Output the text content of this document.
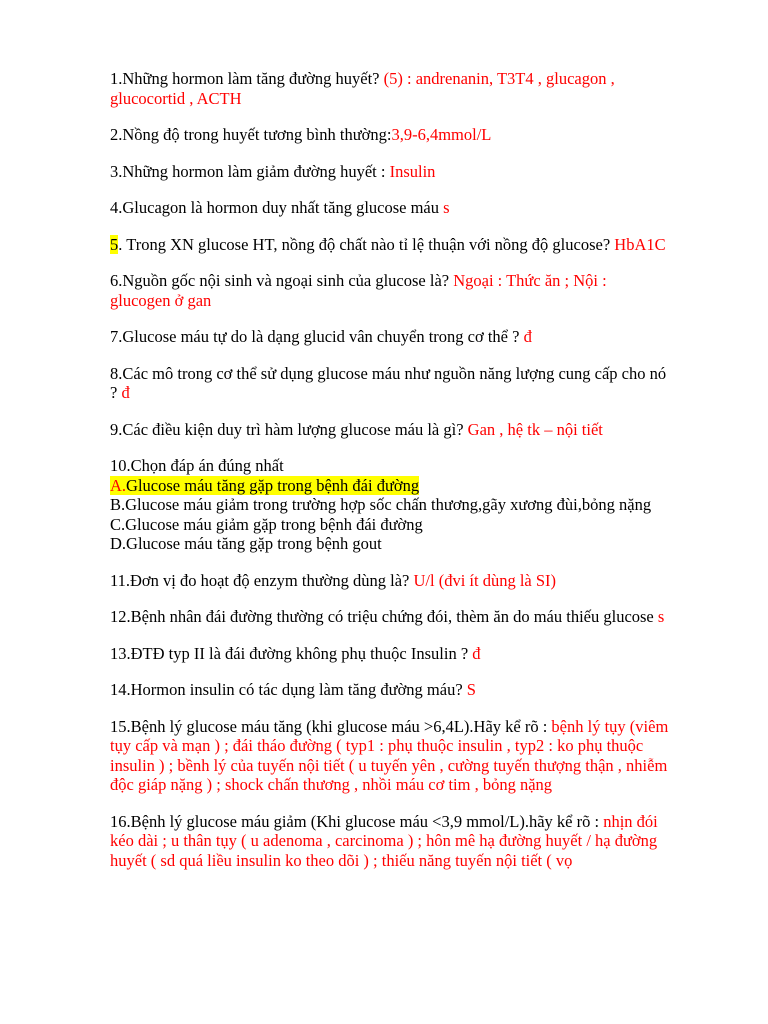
1.Những hormon làm tăng đường huyết? (5) : andrenanin, T3T4 , glucagon , glucocortid , ACTH

2.Nồng độ trong huyết tương bình thường:3,9-6,4mmol/L

3.Những hormon làm giảm đường huyết : Insulin

4.Glucagon là hormon duy nhất tăng glucose máu s

5. Trong XN glucose HT, nồng độ chất nào tỉ lệ thuận với nồng độ glucose? HbA1C

6.Nguồn gốc nội sinh và ngoại sinh của glucose là? Ngoại : Thức ăn ; Nội : glucogen ở gan

7.Glucose máu tự do là dạng glucid vân chuyển trong cơ thể ? đ

8.Các mô trong cơ thể sử dụng glucose máu như nguồn năng lượng cung cấp cho nó ? đ

9.Các điều kiện duy trì hàm lượng glucose máu là gì? Gan , hệ tk – nội tiết

10.Chọn đáp án đúng nhất
A.Glucose máu tăng gặp trong bệnh đái đường
B.Glucose máu giảm trong trường hợp sốc chấn thương,gãy xương đùi,bỏng nặng
C.Glucose máu giảm gặp trong bệnh đái đường
D.Glucose máu tăng gặp trong bệnh gout

11.Đơn vị đo hoạt độ enzym thường dùng là? U/l (đvi ít dùng là SI)

12.Bệnh nhân đái đường thường có triệu chứng đói, thèm ăn do máu thiếu glucose s

13.ĐTĐ typ II là đái đường không phụ thuộc Insulin ? đ

14.Hormon insulin có tác dụng làm tăng đường máu? S

15.Bệnh lý glucose máu tăng (khi glucose máu >6,4L).Hãy kể rõ : bệnh lý tụy (viêm tụy cấp và mạn ) ; đái tháo đường ( typ1 : phụ thuộc insulin , typ2 : ko phụ thuộc insulin ) ; bềnh lý của tuyến nội tiết ( u tuyến yên , cường tuyến thượng thận , nhiễm độc giáp nặng ) ; shock chấn thương , nhồi máu cơ tim , bỏng nặng

16.Bệnh lý glucose máu giảm (Khi glucose máu <3,9 mmol/L).hãy kể rõ : nhịn đói kéo dài ; u thân tụy ( u adenoma , carcinoma ) ; hôn mê hạ đường huyết / hạ đường huyết ( sd quá liều insulin ko theo dõi ) ; thiếu năng tuyến nội tiết ( vọ
